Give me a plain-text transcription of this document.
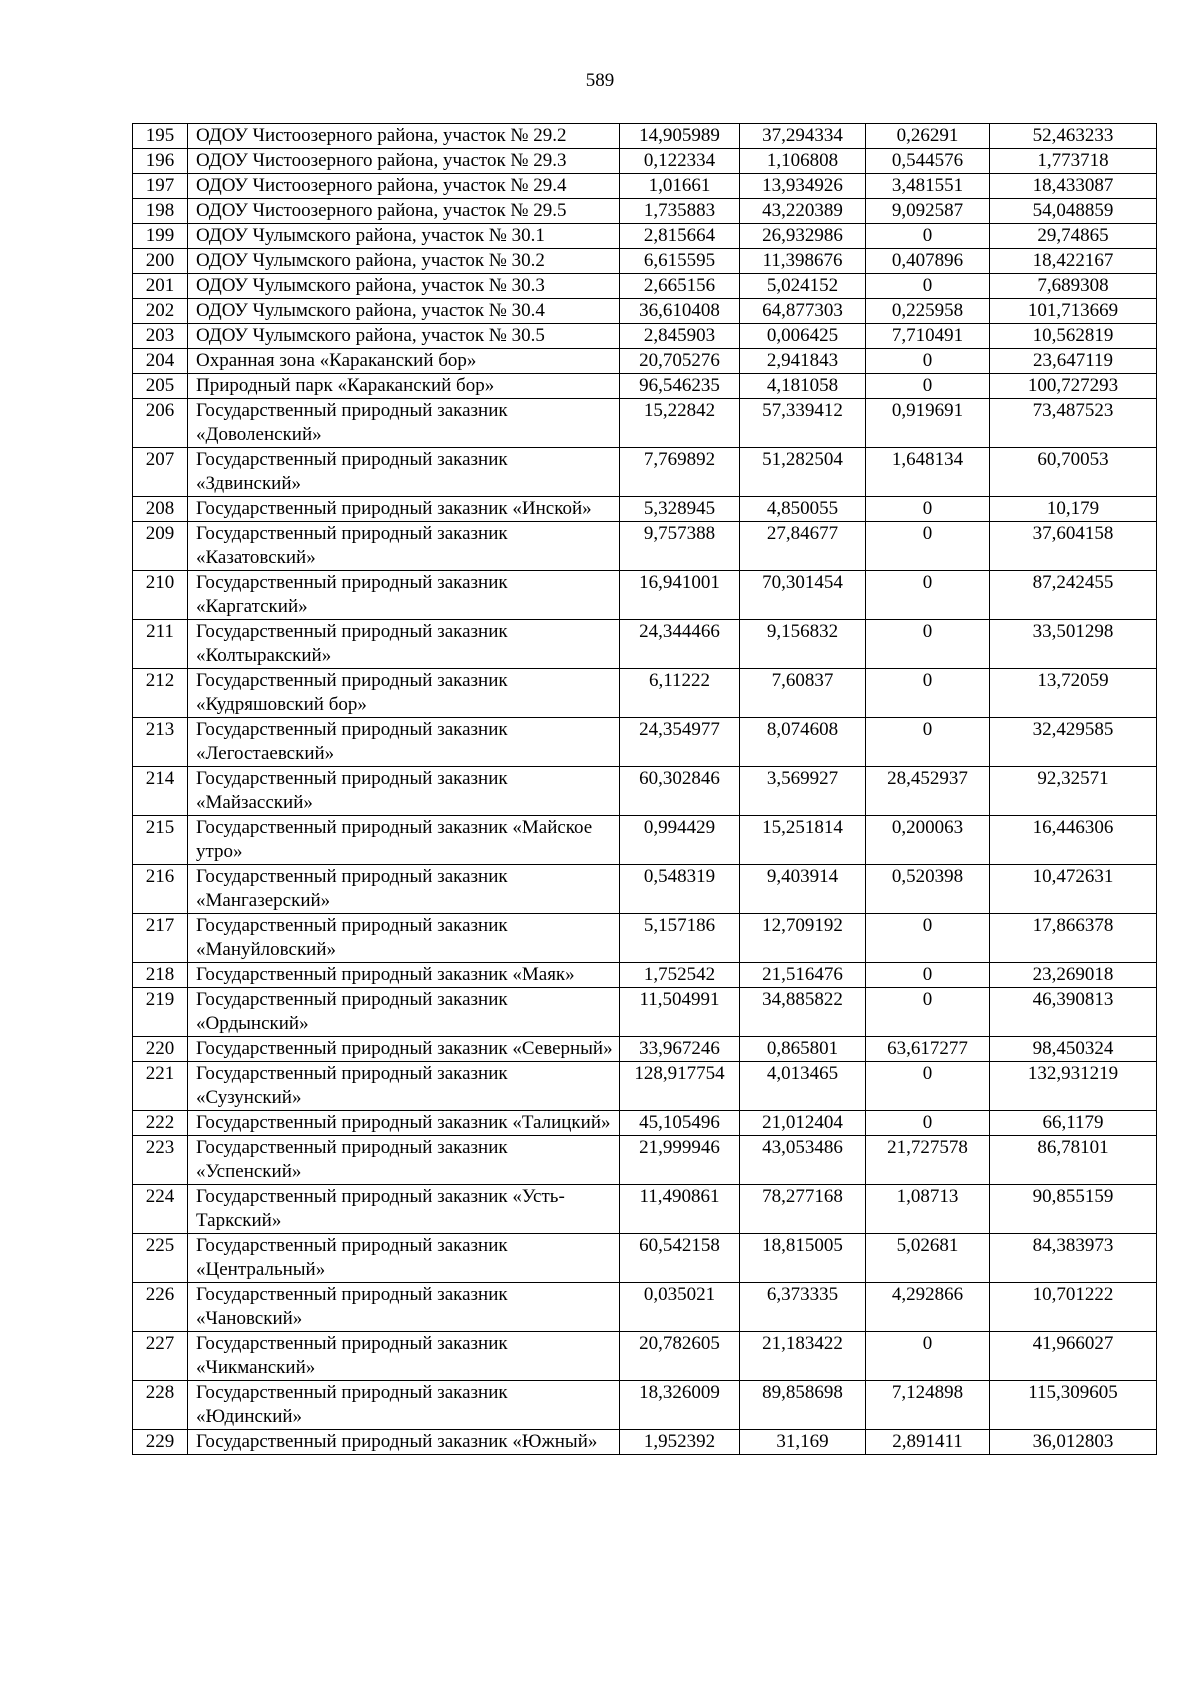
589
195	ОДОУ Чистоозерного района, участок № 29.2	14,905989	37,294334	0,26291	52,463233
196	ОДОУ Чистоозерного района, участок № 29.3	0,122334	1,106808	0,544576	1,773718
197	ОДОУ Чистоозерного района, участок № 29.4	1,01661	13,934926	3,481551	18,433087
198	ОДОУ Чистоозерного района, участок № 29.5	1,735883	43,220389	9,092587	54,048859
199	ОДОУ Чулымского района, участок № 30.1	2,815664	26,932986	0	29,74865
200	ОДОУ Чулымского района, участок № 30.2	6,615595	11,398676	0,407896	18,422167
201	ОДОУ Чулымского района, участок № 30.3	2,665156	5,024152	0	7,689308
202	ОДОУ Чулымского района, участок № 30.4	36,610408	64,877303	0,225958	101,713669
203	ОДОУ Чулымского района, участок № 30.5	2,845903	0,006425	7,710491	10,562819
204	Охранная зона «Караканский бор»	20,705276	2,941843	0	23,647119
205	Природный парк «Караканский бор»	96,546235	4,181058	0	100,727293
206	Государственный природный заказник «Доволенский»	15,22842	57,339412	0,919691	73,487523
207	Государственный природный заказник «Здвинский»	7,769892	51,282504	1,648134	60,70053
208	Государственный природный заказник «Инской»	5,328945	4,850055	0	10,179
209	Государственный природный заказник «Казатовский»	9,757388	27,84677	0	37,604158
210	Государственный природный заказник «Каргатский»	16,941001	70,301454	0	87,242455
211	Государственный природный заказник «Колтыракский»	24,344466	9,156832	0	33,501298
212	Государственный природный заказник «Кудряшовский бор»	6,11222	7,60837	0	13,72059
213	Государственный природный заказник «Легостаевский»	24,354977	8,074608	0	32,429585
214	Государственный природный заказник «Майзасский»	60,302846	3,569927	28,452937	92,32571
215	Государственный природный заказник «Майское утро»	0,994429	15,251814	0,200063	16,446306
216	Государственный природный заказник «Мангазерский»	0,548319	9,403914	0,520398	10,472631
217	Государственный природный заказник «Мануйловский»	5,157186	12,709192	0	17,866378
218	Государственный природный заказник «Маяк»	1,752542	21,516476	0	23,269018
219	Государственный природный заказник «Ордынский»	11,504991	34,885822	0	46,390813
220	Государственный природный заказник «Северный»	33,967246	0,865801	63,617277	98,450324
221	Государственный природный заказник «Сузунский»	128,917754	4,013465	0	132,931219
222	Государственный природный заказник «Талицкий»	45,105496	21,012404	0	66,1179
223	Государственный природный заказник «Успенский»	21,999946	43,053486	21,727578	86,78101
224	Государственный природный заказник «Усть-Таркский»	11,490861	78,277168	1,08713	90,855159
225	Государственный природный заказник «Центральный»	60,542158	18,815005	5,02681	84,383973
226	Государственный природный заказник «Чановский»	0,035021	6,373335	4,292866	10,701222
227	Государственный природный заказник «Чикманский»	20,782605	21,183422	0	41,966027
228	Государственный природный заказник «Юдинский»	18,326009	89,858698	7,124898	115,309605
229	Государственный природный заказник «Южный»	1,952392	31,169	2,891411	36,012803
